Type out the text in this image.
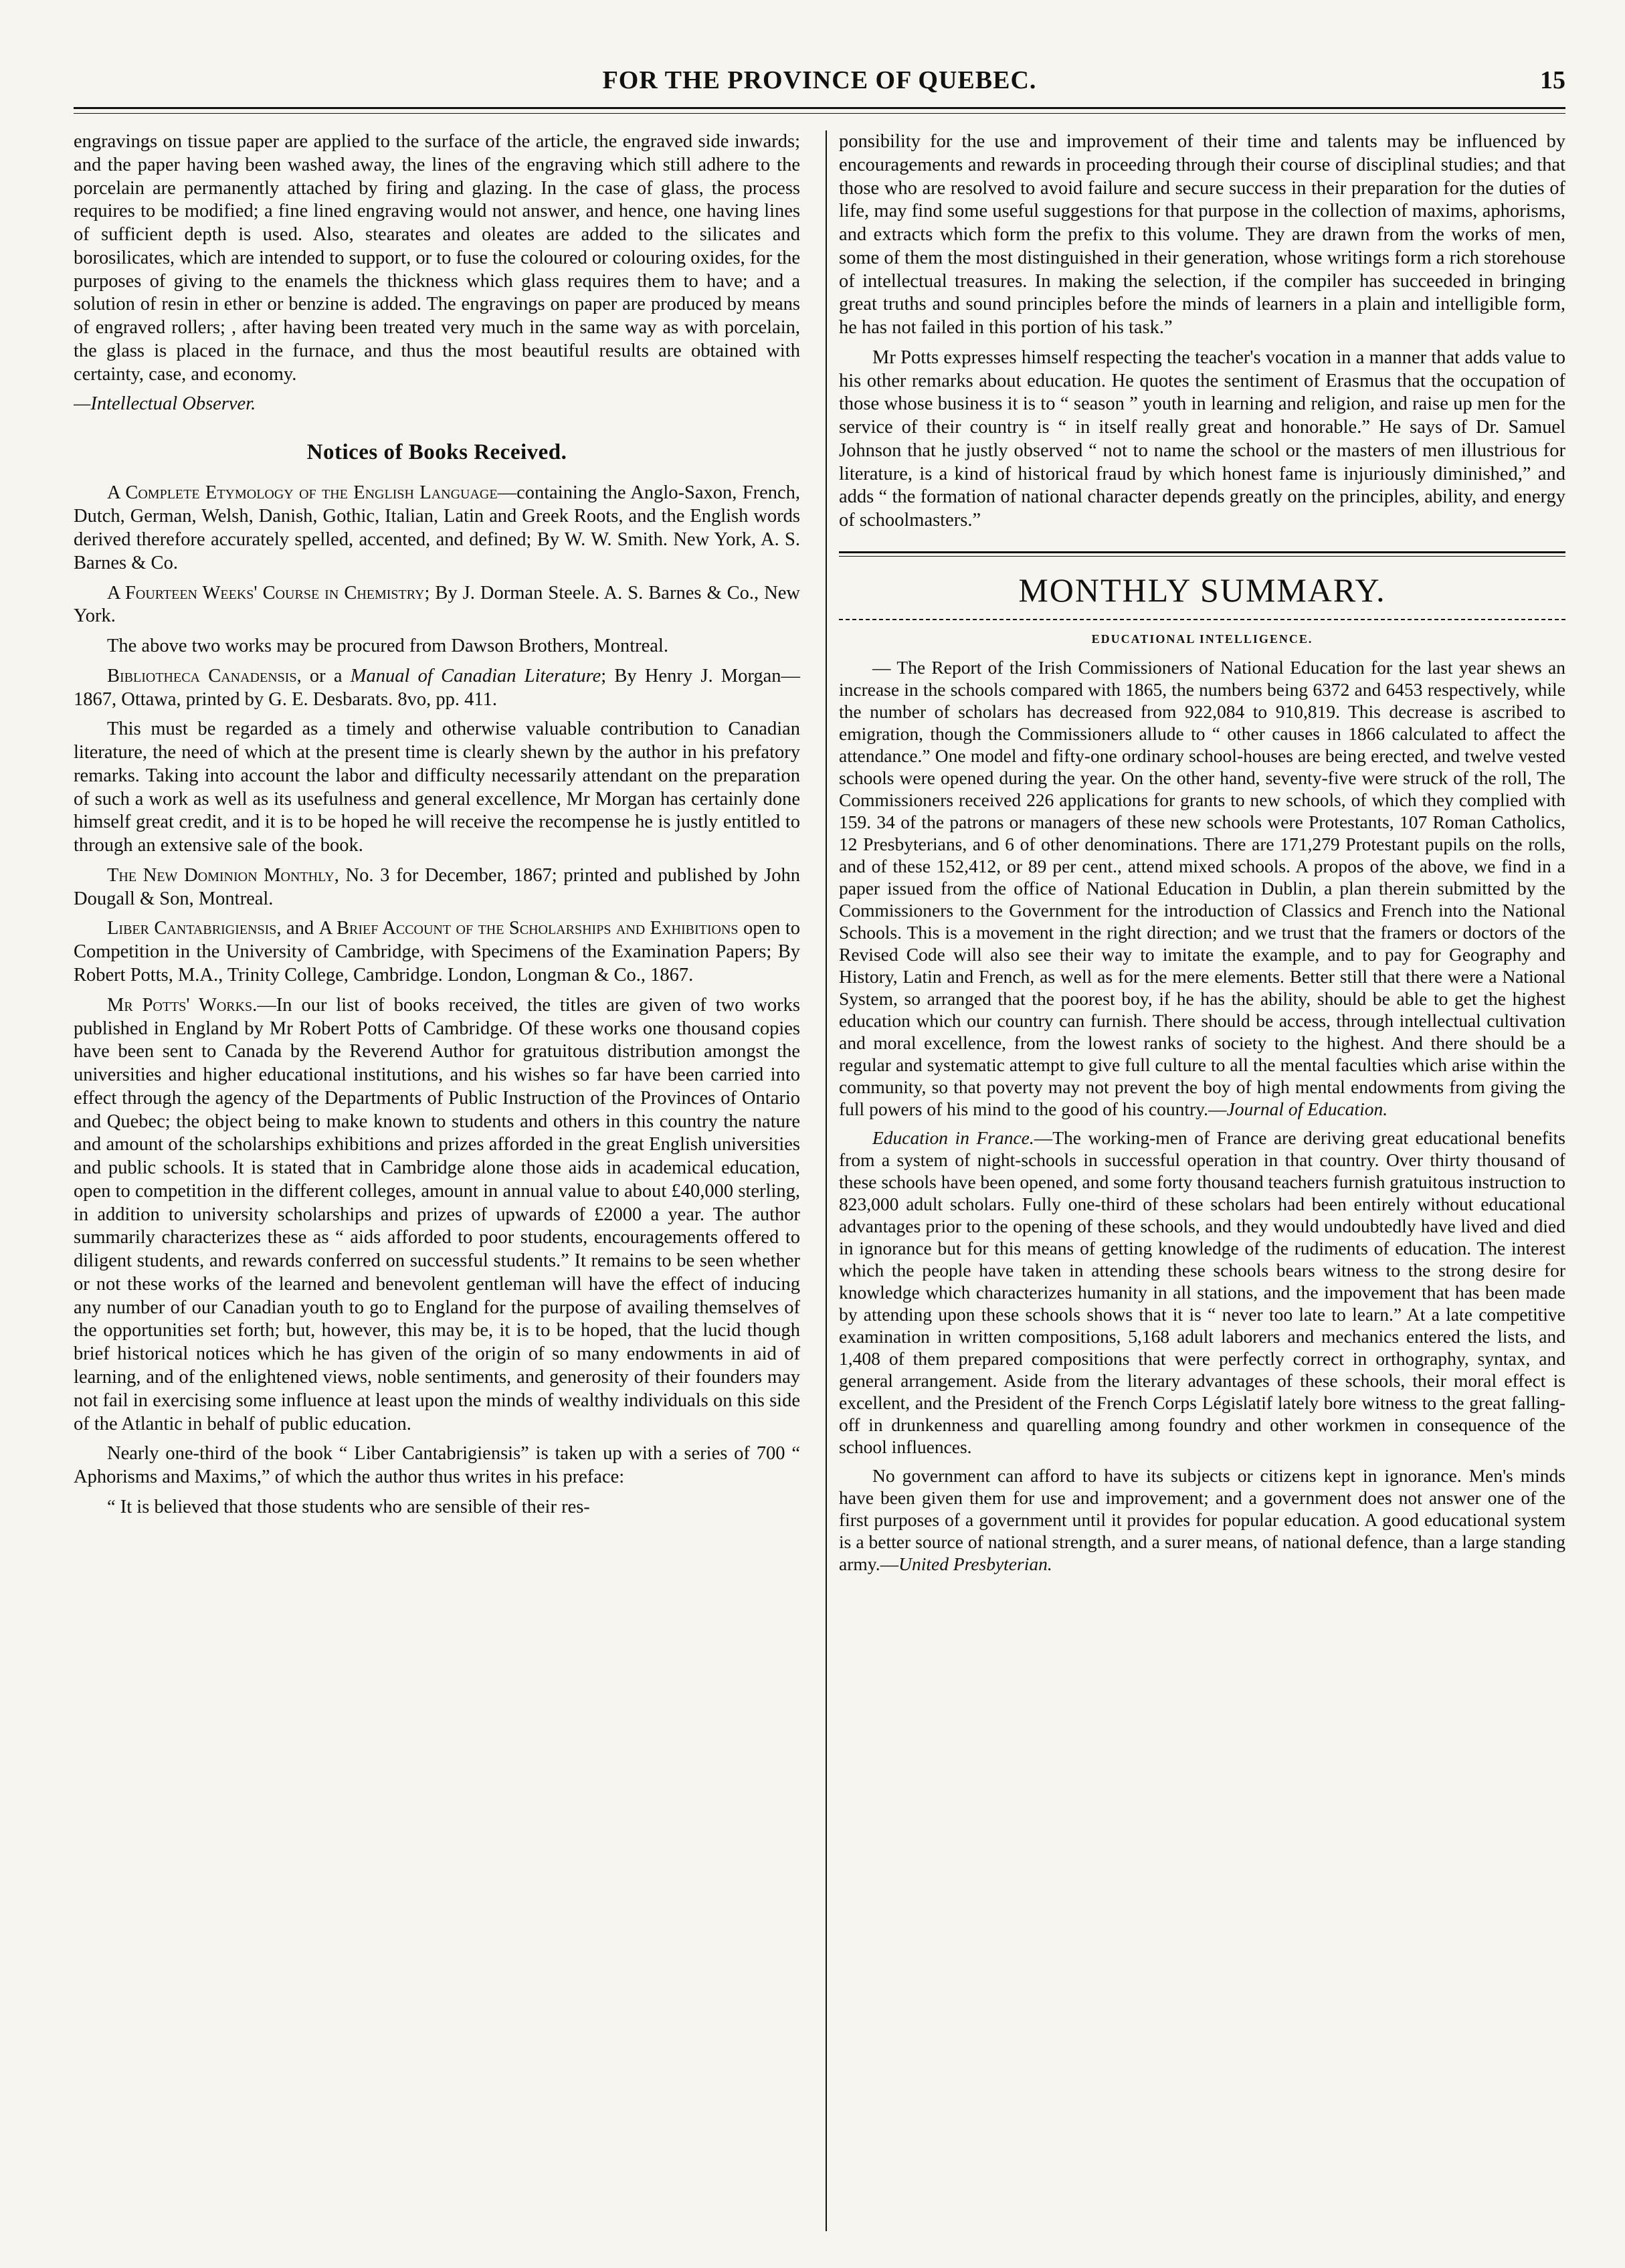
FOR THE PROVINCE OF QUEBEC.	15

engravings on tissue paper are applied to the surface of the article, the engraved side inwards; and the paper having been washed away, the lines of the engraving which still adhere to the porcelain are permanently attached by firing and glazing. In the case of glass, the process requires to be modified; a fine lined engraving would not answer, and hence, one having lines of sufficient depth is used. Also, stearates and oleates are added to the silicates and borosilicates, which are intended to support, or to fuse the coloured or colouring oxides, for the purposes of giving to the enamels the thickness which glass requires them to have; and a solution of resin in ether or benzine is added. The engravings on paper are produced by means of engraved rollers; , after having been treated very much in the same way as with porcelain, the glass is placed in the furnace, and thus the most beautiful results are obtained with certainty, case, and economy.

—Intellectual Observer.

Notices of Books Received.

A Complete Etymology of the English Language—containing the Anglo-Saxon, French, Dutch, German, Welsh, Danish, Gothic, Italian, Latin and Greek Roots, and the English words derived therefore accurately spelled, accented, and defined; By W. W. Smith. New York, A. S. Barnes & Co.

A Fourteen Weeks' Course in Chemistry; By J. Dorman Steele. A. S. Barnes & Co., New York.

The above two works may be procured from Dawson Brothers, Montreal.

Bibliotheca Canadensis, or a Manual of Canadian Literature; By Henry J. Morgan—1867, Ottawa, printed by G. E. Desbarats. 8vo, pp. 411.

This must be regarded as a timely and otherwise valuable contribution to Canadian literature, the need of which at the present time is clearly shewn by the author in his prefatory remarks. Taking into account the labor and difficulty necessarily attendant on the preparation of such a work as well as its usefulness and general excellence, Mr Morgan has certainly done himself great credit, and it is to be hoped he will receive the recompense he is justly entitled to through an extensive sale of the book.

The New Dominion Monthly, No. 3 for December, 1867; printed and published by John Dougall & Son, Montreal.

Liber Cantabrigiensis, and A Brief Account of the Scholarships and Exhibitions open to Competition in the University of Cambridge, with Specimens of the Examination Papers; By Robert Potts, M.A., Trinity College, Cambridge. London, Longman & Co., 1867.

Mr Potts' Works.—In our list of books received, the titles are given of two works published in England by Mr Robert Potts of Cambridge. Of these works one thousand copies have been sent to Canada by the Reverend Author for gratuitous distribution amongst the universities and higher educational institutions, and his wishes so far have been carried into effect through the agency of the Departments of Public Instruction of the Provinces of Ontario and Quebec; the object being to make known to students and others in this country the nature and amount of the scholarships exhibitions and prizes afforded in the great English universities and public schools. It is stated that in Cambridge alone those aids in academical education, open to competition in the different colleges, amount in annual value to about £40,000 sterling, in addition to university scholarships and prizes of upwards of £2000 a year. The author summarily characterizes these as “ aids afforded to poor students, encouragements offered to diligent students, and rewards conferred on successful students.” It remains to be seen whether or not these works of the learned and benevolent gentleman will have the effect of inducing any number of our Canadian youth to go to England for the purpose of availing themselves of the opportunities set forth; but, however, this may be, it is to be hoped, that the lucid though brief historical notices which he has given of the origin of so many endowments in aid of learning, and of the enlightened views, noble sentiments, and generosity of their founders may not fail in exercising some influence at least upon the minds of wealthy individuals on this side of the Atlantic in behalf of public education.

Nearly one-third of the book “ Liber Cantabrigiensis” is taken up with a series of 700 “ Aphorisms and Maxims,” of which the author thus writes in his preface:

“ It is believed that those students who are sensible of their res-

ponsibility for the use and improvement of their time and talents may be influenced by encouragements and rewards in proceeding through their course of disciplinal studies; and that those who are resolved to avoid failure and secure success in their preparation for the duties of life, may find some useful suggestions for that purpose in the collection of maxims, aphorisms, and extracts which form the prefix to this volume. They are drawn from the works of men, some of them the most distinguished in their generation, whose writings form a rich storehouse of intellectual treasures. In making the selection, if the compiler has succeeded in bringing great truths and sound principles before the minds of learners in a plain and intelligible form, he has not failed in this portion of his task.”

Mr Potts expresses himself respecting the teacher's vocation in a manner that adds value to his other remarks about education. He quotes the sentiment of Erasmus that the occupation of those whose business it is to “ season ” youth in learning and religion, and raise up men for the service of their country is “ in itself really great and honorable.” He says of Dr. Samuel Johnson that he justly observed “ not to name the school or the masters of men illustrious for literature, is a kind of historical fraud by which honest fame is injuriously diminished,” and adds “ the formation of national character depends greatly on the principles, ability, and energy of schoolmasters.”

MONTHLY SUMMARY.
EDUCATIONAL INTELLIGENCE.

— The Report of the Irish Commissioners of National Education for the last year shews an increase in the schools compared with 1865, the numbers being 6372 and 6453 respectively, while the number of scholars has decreased from 922,084 to 910,819. This decrease is ascribed to emigration, though the Commissioners allude to “ other causes in 1866 calculated to affect the attendance.” One model and fifty-one ordinary school-houses are being erected, and twelve vested schools were opened during the year. On the other hand, seventy-five were struck of the roll, The Commissioners received 226 applications for grants to new schools, of which they complied with 159. 34 of the patrons or managers of these new schools were Protestants, 107 Roman Catholics, 12 Presbyterians, and 6 of other denominations. There are 171,279 Protestant pupils on the rolls, and of these 152,412, or 89 per cent., attend mixed schools. A propos of the above, we find in a paper issued from the office of National Education in Dublin, a plan therein submitted by the Commissioners to the Government for the introduction of Classics and French into the National Schools. This is a movement in the right direction; and we trust that the framers or doctors of the Revised Code will also see their way to imitate the example, and to pay for Geography and History, Latin and French, as well as for the mere elements. Better still that there were a National System, so arranged that the poorest boy, if he has the ability, should be able to get the highest education which our country can furnish. There should be access, through intellectual cultivation and moral excellence, from the lowest ranks of society to the highest. And there should be a regular and systematic attempt to give full culture to all the mental faculties which arise within the community, so that poverty may not prevent the boy of high mental endowments from giving the full powers of his mind to the good of his country.—Journal of Education.

Education in France.—The working-men of France are deriving great educational benefits from a system of night-schools in successful operation in that country. Over thirty thousand of these schools have been opened, and some forty thousand teachers furnish gratuitous instruction to 823,000 adult scholars. Fully one-third of these scholars had been entirely without educational advantages prior to the opening of these schools, and they would undoubtedly have lived and died in ignorance but for this means of getting knowledge of the rudiments of education. The interest which the people have taken in attending these schools bears witness to the strong desire for knowledge which characterizes humanity in all stations, and the impovement that has been made by attending upon these schools shows that it is “ never too late to learn.” At a late competitive examination in written compositions, 5,168 adult laborers and mechanics entered the lists, and 1,408 of them prepared compositions that were perfectly correct in orthography, syntax, and general arrangement. Aside from the literary advantages of these schools, their moral effect is excellent, and the President of the French Corps Législatif lately bore witness to the great falling-off in drunkenness and quarelling among foundry and other workmen in consequence of the school influences.

No government can afford to have its subjects or citizens kept in ignorance. Men's minds have been given them for use and improvement; and a government does not answer one of the first purposes of a government until it provides for popular education. A good educational system is a better source of national strength, and a surer means, of national defence, than a large standing army.—United Presbyterian.
